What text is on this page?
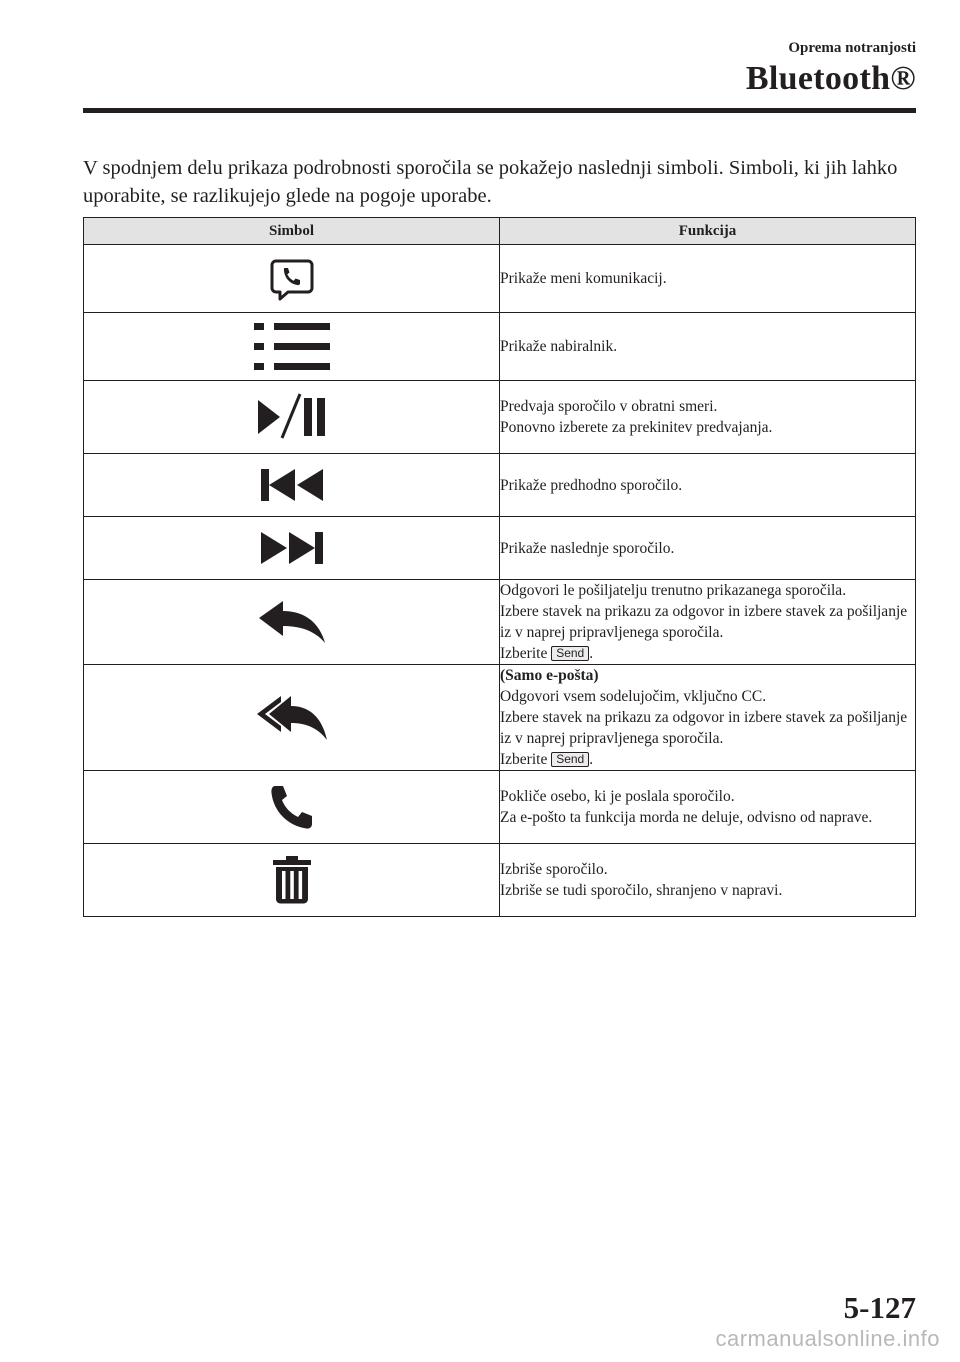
Oprema notranjosti
Bluetooth®
V spodnjem delu prikaza podrobnosti sporočila se pokažejo naslednji simboli. Simboli, ki jih lahko uporabite, se razlikujejo glede na pogoje uporabe.
Simbol	Funkcija

Prikaže meni komunikacij.

Prikaže nabiralnik.

Predvaja sporočilo v obratni smeri.
Ponovno izberete za prekinitev predvajanja.

Prikaže predhodno sporočilo.

Prikaže naslednje sporočilo.

Odgovori le pošiljatelju trenutno prikazanega sporočila.
Izbere stavek na prikazu za odgovor in izbere stavek za pošiljanje iz v naprej pripravljenega sporočila.
Izberite Send .

(Samo e-pošta)
Odgovori vsem sodelujočim, vključno CC.
Izbere stavek na prikazu za odgovor in izbere stavek za pošiljanje iz v naprej pripravljenega sporočila.
Izberite Send .

Pokliče osebo, ki je poslala sporočilo.
Za e-pošto ta funkcija morda ne deluje, odvisno od naprave.

Izbriše sporočilo.
Izbriše se tudi sporočilo, shranjeno v napravi.
5-127
carmanualsonline.info
